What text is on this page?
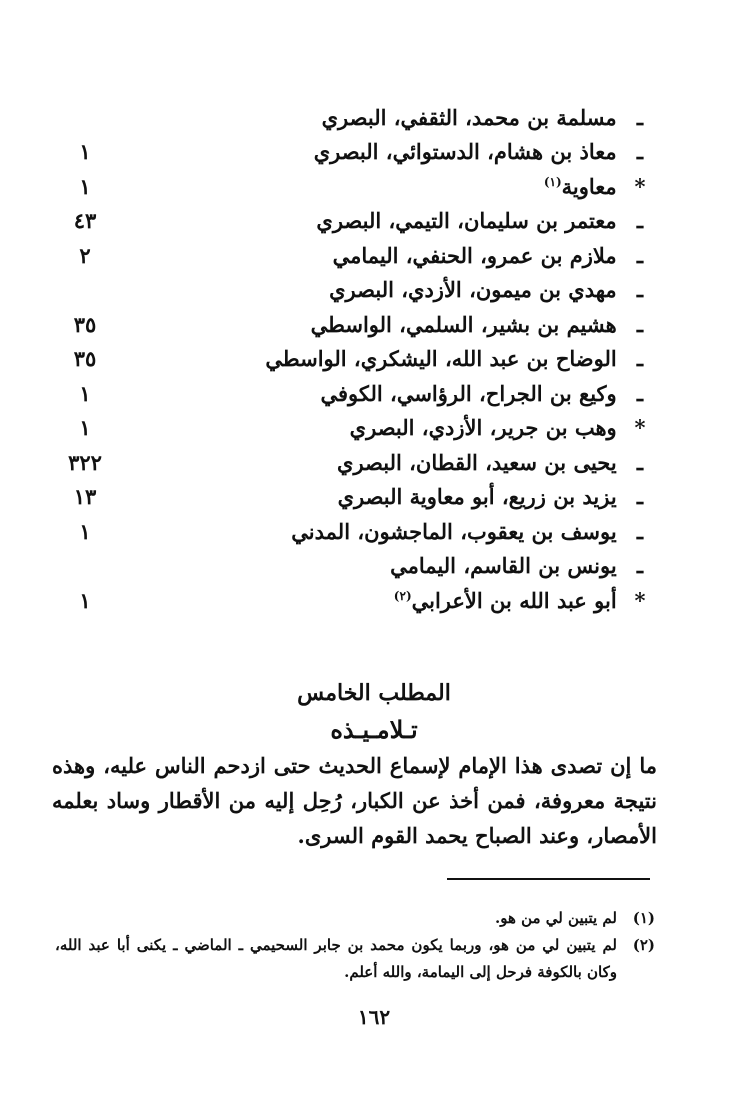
ـ مسلمة بن محمد، الثقفي، البصري
١	ـ معاذ بن هشام، الدستوائي، البصري
١	* معاوية$^{(١)}$
٤٣	ـ معتمر بن سليمان، التيمي، البصري
٢	ـ ملازم بن عمرو، الحنفي، اليمامي
ـ مهدي بن ميمون، الأزدي، البصري
٣٥	ـ هشيم بن بشير، السلمي، الواسطي
٣٥	ـ الوضاح بن عبد الله، اليشكري، الواسطي
١	ـ وكيع بن الجراح، الرؤاسي، الكوفي
١	* وهب بن جرير، الأزدي، البصري
٣٢٢	ـ يحيى بن سعيد، القطان، البصري
١٣	ـ يزيد بن زريع، أبو معاوية البصري
١	ـ يوسف بن يعقوب، الماجشون، المدني
ـ يونس بن القاسم، اليمامي
١	* أبو عبد الله بن الأعرابي$^{(٢)}$
المطلب الخامس
تـلامـيـذه
ما إن تصدى هذا الإمام لإسماع الحديث حتى ازدحم الناس عليه، وهذه نتيجة معروفة، فمن أخذ عن الكبار، رُحِل إليه من الأقطار وساد بعلمه الأمصار، وعند الصباح يحمد القوم السرى.
(١)
لم يتبين لي من هو.
(٢)
لم يتبين لي من هو، وربما يكون محمد بن جابر السحيمي ـ الماضي ـ يكنى أبا عبد الله، وكان بالكوفة فرحل إلى اليمامة، والله أعلم.
١٦٢
